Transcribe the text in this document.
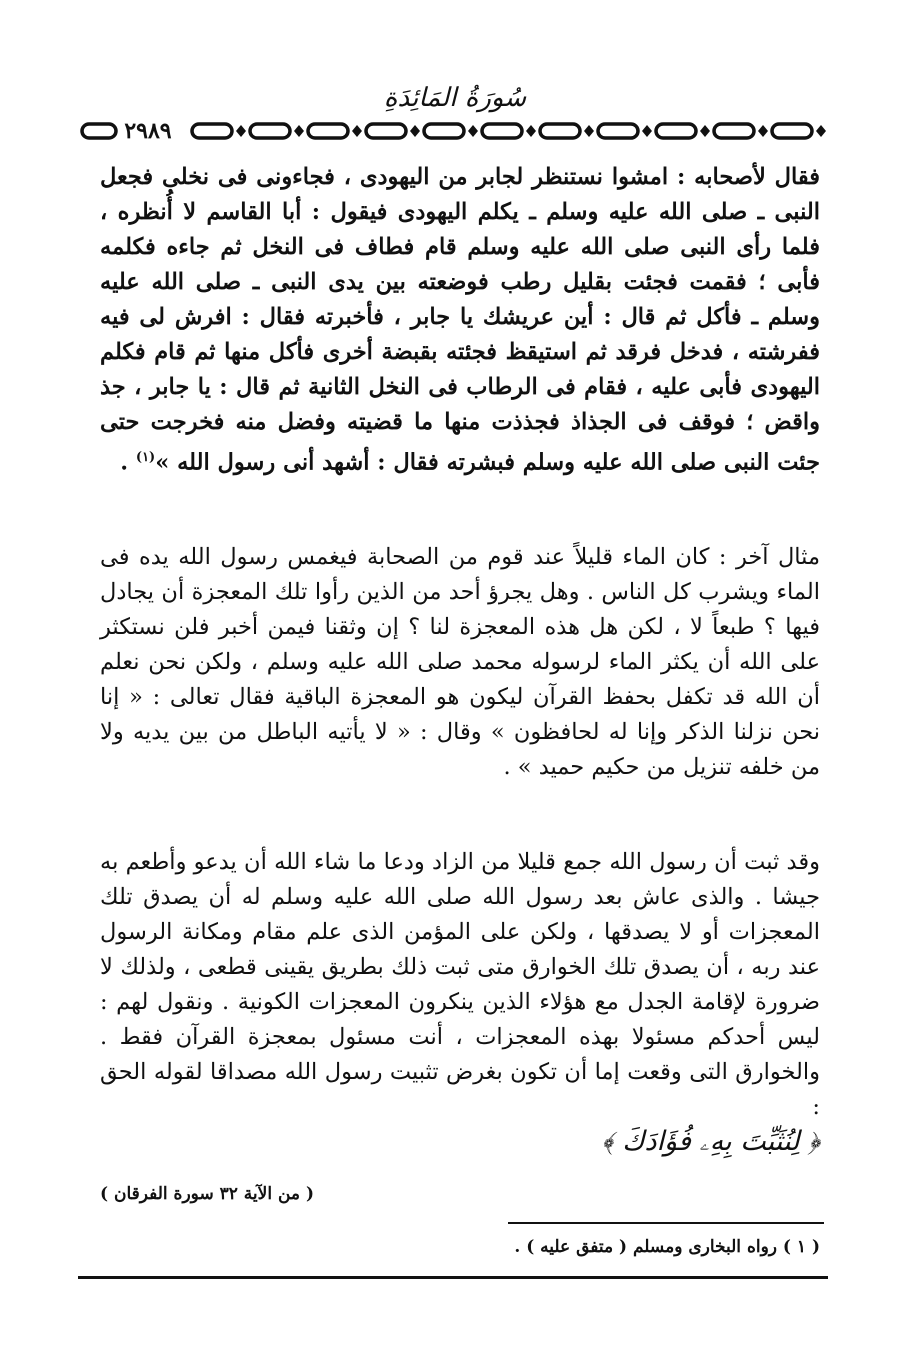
سُورَةُ المَائِدَةِ
٢٩٨٩

فقال لأصحابه : امشوا نستنظر لجابر من اليهودى ، فجاءونى فى نخلى فجعل النبى ـ صلى الله عليه وسلم ـ يكلم اليهودى فيقول : أبا القاسم لا أُنظره ، فلما رأى النبى صلى الله عليه وسلم قام فطاف فى النخل ثم جاءه فكلمه فأبى ؛ فقمت فجئت بقليل رطب فوضعته بين يدى النبى ـ صلى الله عليه وسلم ـ فأكل ثم قال : أين عريشك يا جابر ، فأخبرته فقال : افرش لى فيه ففرشته ، فدخل فرقد ثم استيقظ فجئته بقبضة أخرى فأكل منها ثم قام فكلم اليهودى فأبى عليه ، فقام فى الرطاب فى النخل الثانية ثم قال : يا جابر ، جذ واقض ؛ فوقف فى الجذاذ فجذذت منها ما قضيته وفضل منه فخرجت حتى جئت النبى صلى الله عليه وسلم فبشرته فقال : أشهد أنى رسول الله »$^{(١)}$ .

مثال آخر : كان الماء قليلاً عند قوم من الصحابة فيغمس رسول الله يده فى الماء ويشرب كل الناس . وهل يجرؤ أحد من الذين رأوا تلك المعجزة أن يجادل فيها ؟ طبعاً لا ، لكن هل هذه المعجزة لنا ؟ إن وثقنا فيمن أخبر فلن نستكثر على الله أن يكثر الماء لرسوله محمد صلى الله عليه وسلم ، ولكن نحن نعلم أن الله قد تكفل بحفظ القرآن ليكون هو المعجزة الباقية فقال تعالى : « إنا نحن نزلنا الذكر وإنا له لحافظون » وقال : « لا يأتيه الباطل من بين يديه ولا من خلفه تنزيل من حكيم حميد » .

وقد ثبت أن رسول الله جمع قليلا من الزاد ودعا ما شاء الله أن يدعو وأطعم به جيشا . والذى عاش بعد رسول الله صلى الله عليه وسلم له أن يصدق تلك المعجزات أو لا يصدقها ، ولكن على المؤمن الذى علم مقام ومكانة الرسول عند ربه ، أن يصدق تلك الخوارق متى ثبت ذلك بطريق يقينى قطعى ، ولذلك لا ضرورة لإقامة الجدل مع هؤلاء الذين ينكرون المعجزات الكونية . ونقول لهم : ليس أحدكم مسئولا بهذه المعجزات ، أنت مسئول بمعجزة القرآن فقط . والخوارق التى وقعت إما أن تكون بغرض تثبيت رسول الله مصداقا لقوله الحق :

﴿ لِنُثَبِّتَ بِهِۦ فُؤَادَكَ ﴾
( من الآية ٣٢ سورة الفرقان )
( ١ ) رواه البخارى ومسلم ( متفق عليه ) .
